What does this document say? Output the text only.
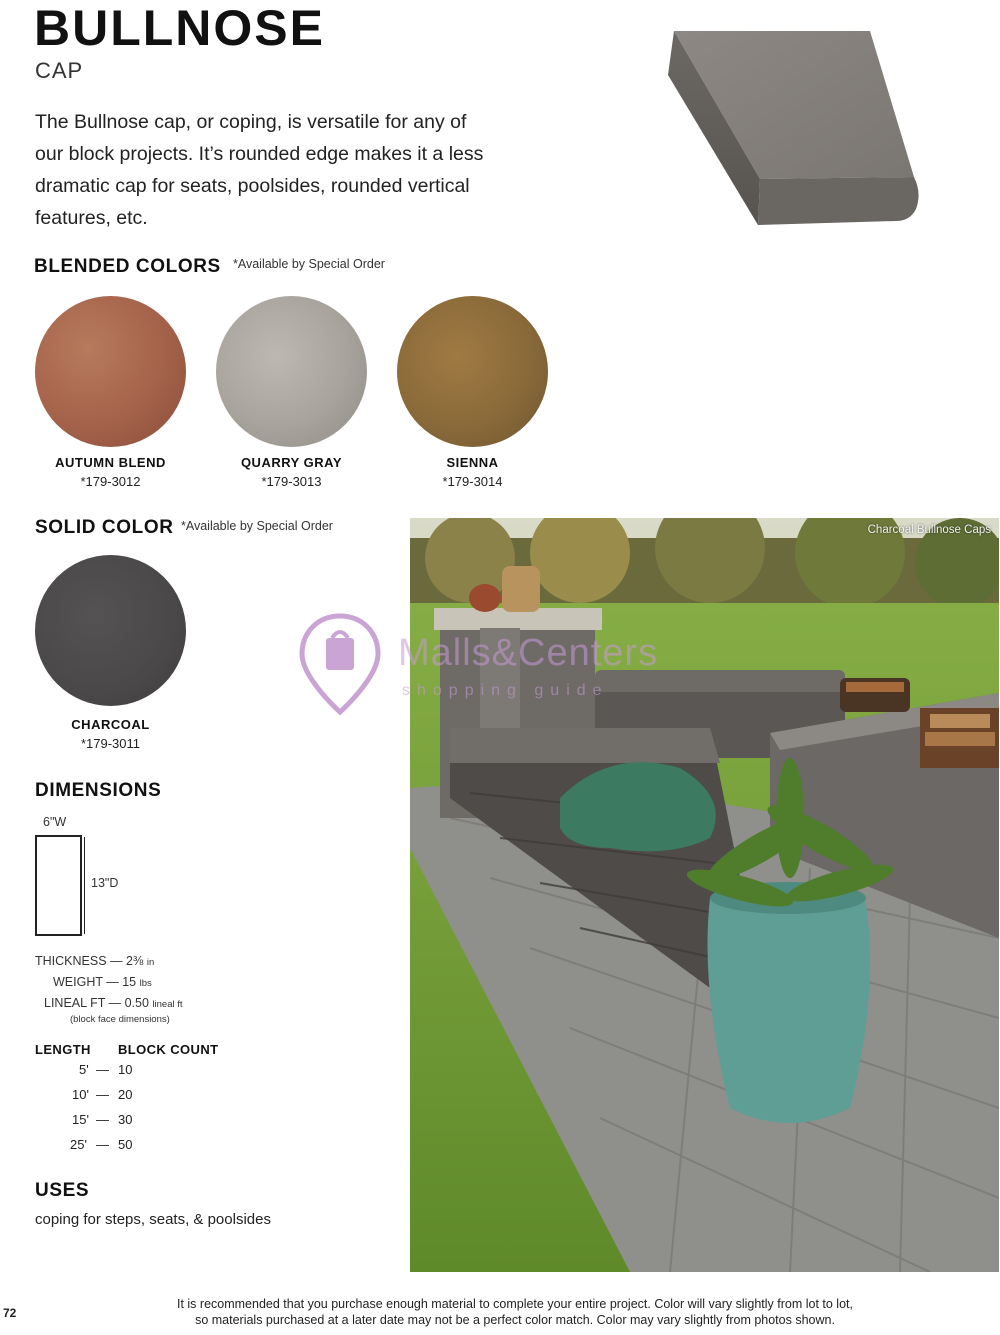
BULLNOSE
CAP
The Bullnose cap, or coping, is versatile for any of our block projects. It’s rounded edge makes it a less dramatic cap for seats, poolsides, rounded vertical features, etc.
BLENDED COLORS *Available by Special Order
AUTUMN BLEND
*179-3012
QUARRY GRAY
*179-3013
SIENNA
*179-3014
SOLID COLOR *Available by Special Order
CHARCOAL
*179-3011
DIMENSIONS
6"W
13"D
THICKNESS — 2⅜ in
WEIGHT — 15 lbs
LINEAL FT — 0.50 lineal ft
(block face dimensions)
LENGTH BLOCK COUNT
5' — 10
10' — 20
15' — 30
25' — 50
USES
coping for steps, seats, & poolsides
Charcoal Bullnose Caps
Malls&Centers
shopping guide
It is recommended that you purchase enough material to complete your entire project. Color will vary slightly from lot to lot,
so materials purchased at a later date may not be a perfect color match. Color may vary slightly from photos shown.
72
